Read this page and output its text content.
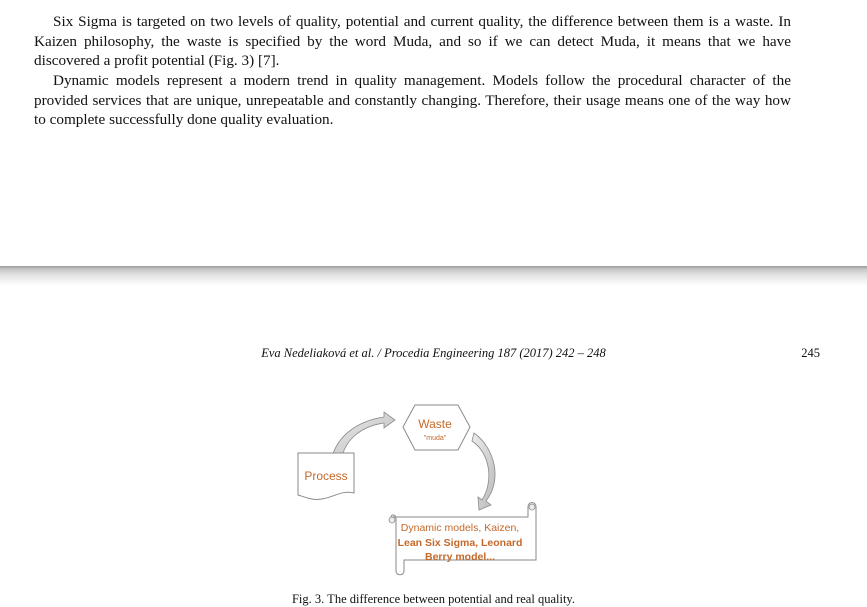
Six Sigma is targeted on two levels of quality, potential and current quality, the difference between them is a waste. In Kaizen philosophy, the waste is specified by the word Muda, and so if we can detect Muda, it means that we have discovered a profit potential (Fig. 3) [7].

Dynamic models represent a modern trend in quality management. Models follow the procedural character of the provided services that are unique, unrepeatable and constantly changing. Therefore, their usage means one of the way how to complete successfully done quality evaluation.

Eva Nedeliaková et al. / Procedia Engineering 187 (2017) 242 – 248	245
Waste
"muda"
Process
Dynamic models, Kaizen,
Lean Six Sigma, Leonard
Berry model...
Fig. 3. The difference between potential and real quality.
